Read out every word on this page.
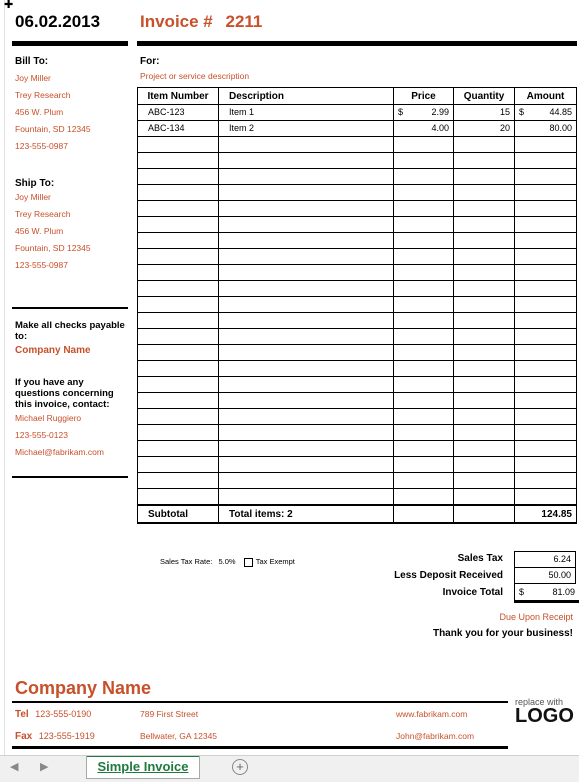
✚
06.02.2013 Invoice # 2211
Bill To:
Joy Miller
Trey Research
456 W. Plum
Fountain, SD 12345
123-555-0987
Ship To:
Joy Miller
Trey Research
456 W. Plum
Fountain, SD 12345
123-555-0987
Make all checks payable to:
Company Name
If you have any questions concerning this invoice, contact:
Michael Ruggiero
123-555-0123
Michael@fabrikam.com
For:
Project or service description
Item Number	Description	Price	Quantity	Amount
ABC-123	Item 1	$ 2.99	15	$ 44.85

ABC-134	Item 2	4.00	20	80.00

Subtotal	Total items: 2			124.85
Sales Tax Rate: 5.0%	Tax Exempt	Sales Tax	6.24
Less Deposit Received	50.00
Invoice Total $	81.09
Due Upon Receipt
Thank you for your business!
Company Name
Tel 123-555-0190
Fax 123-555-1919
789 First Street
Bellwater, GA 12345
www.fabrikam.com
John@fabrikam.com
replace with
LOGO
◀ ▶	Simple Invoice	+
